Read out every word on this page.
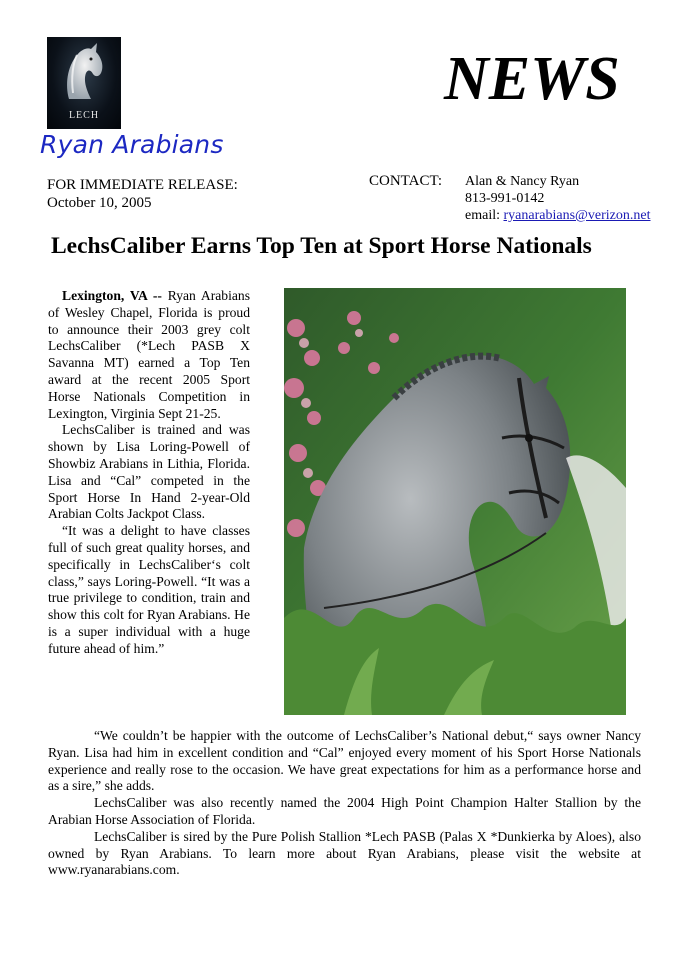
LECH
Ryan Arabians
NEWS
FOR IMMEDIATE RELEASE:
October 10, 2005
CONTACT: Alan & Nancy Ryan
813-991-0142
email: ryanarabians@verizon.net
LechsCaliber Earns Top Ten at Sport Horse Nationals

Lexington, VA -- Ryan Arabians of Wesley Chapel, Florida is proud to announce their 2003 grey colt LechsCaliber (*Lech PASB X Savanna MT) earned a Top Ten award at the recent 2005 Sport Horse Nationals Competition in Lexington, Virginia Sept 21-25.

LechsCaliber is trained and was shown by Lisa Loring-Powell of Showbiz Arabians in Lithia, Florida. Lisa and “Cal” competed in the Sport Horse In Hand 2-year-Old Arabian Colts Jackpot Class.

“It was a delight to have classes full of such great quality horses, and specifically in LechsCaliber‘s colt class,” says Loring-Powell. “It was a true privilege to condition, train and show this colt for Ryan Arabians. He is a super individual with a huge future ahead of him.”

“We couldn’t be happier with the outcome of LechsCaliber’s National debut,“ says owner Nancy Ryan. Lisa had him in excellent condition and “Cal” enjoyed every moment of his Sport Horse Nationals experience and really rose to the occasion. We have great expectations for him as a performance horse and as a sire,” she adds.

LechsCaliber was also recently named the 2004 High Point Champion Halter Stallion by the Arabian Horse Association of Florida.

LechsCaliber is sired by the Pure Polish Stallion *Lech PASB (Palas X *Dunkierka by Aloes), also owned by Ryan Arabians. To learn more about Ryan Arabians, please visit the website at www.ryanarabians.com.
